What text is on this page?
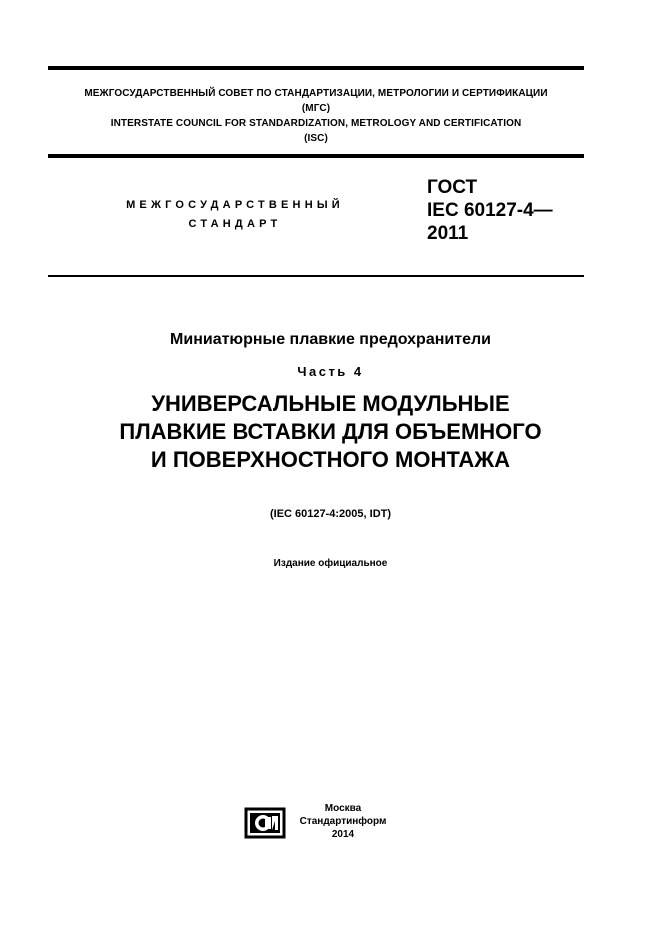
МЕЖГОСУДАРСТВЕННЫЙ СОВЕТ ПО СТАНДАРТИЗАЦИИ, МЕТРОЛОГИИ И СЕРТИФИКАЦИИ
(МГС)
INTERSTATE COUNCIL FOR STANDARDIZATION, METROLOGY AND CERTIFICATION
(ISC)
МЕЖГОСУДАРСТВЕННЫЙ
СТАНДАРТ
ГОСТ
IEC 60127-4—
2011
Миниатюрные плавкие предохранители
Часть 4
УНИВЕРСАЛЬНЫЕ МОДУЛЬНЫЕ
ПЛАВКИЕ ВСТАВКИ ДЛЯ ОБЪЕМНОГО
И ПОВЕРХНОСТНОГО МОНТАЖА
(IEC 60127-4:2005, IDT)
Издание официальное
Москва
Стандартинформ
2014
